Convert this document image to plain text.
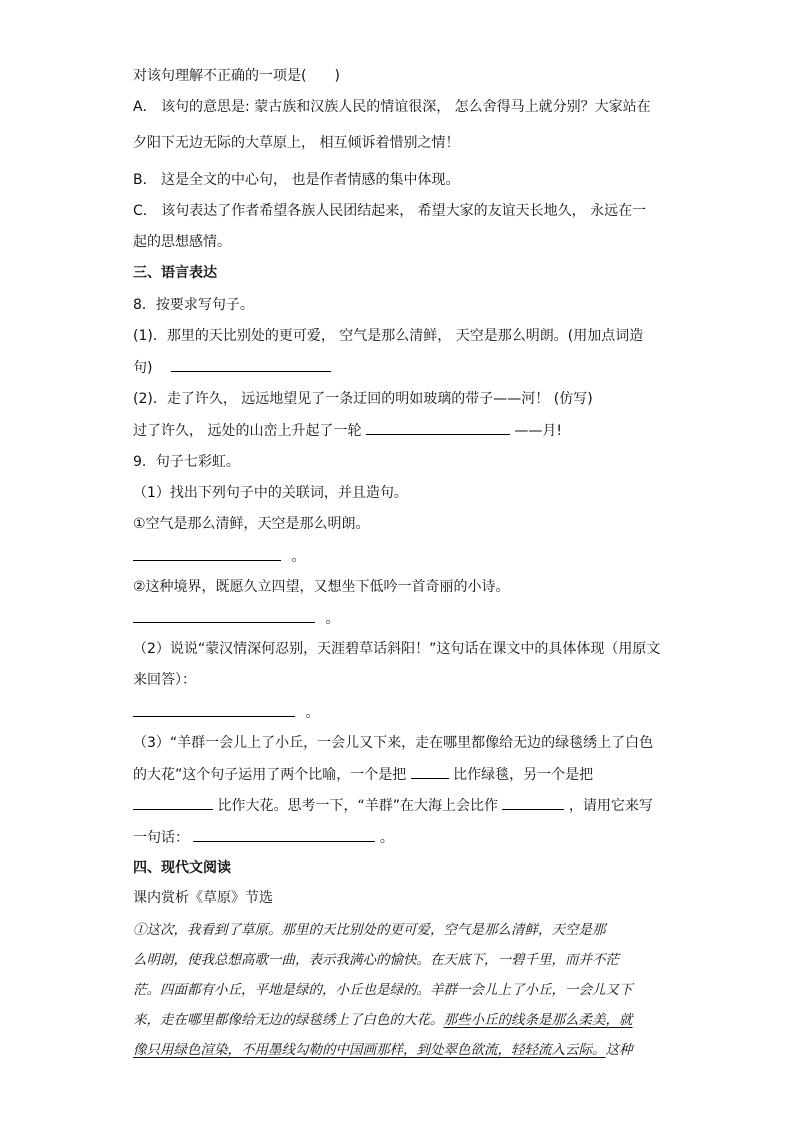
对该句理解不正确的一项是(　　)
A． 该句的意思是: 蒙古族和汉族人民的情谊很深， 怎么舍得马上就分别？大家站在
夕阳下无边无际的大草原上， 相互倾诉着惜别之情！
B． 这是全文的中心句， 也是作者情感的集中体现。
C． 该句表达了作者希望各族人民团结起来， 希望大家的友谊天长地久， 永远在一
起的思想感情。
三、语言表达
8．按要求写句子。
(1)．那里的天比别处的更可爱， 空气是那么清鲜， 天空是那么明朗。(用加点词造
句)
(2)．走了许久， 远远地望见了一条迂回的明如玻璃的带子——河！ (仿写)
过了许久， 远处的山峦上升起了一轮	——月!
9．句子七彩虹。
（1）找出下列句子中的关联词，并且造句。
①空气是那么清鲜，天空是那么明朗。
。
②这种境界，既愿久立四望，又想坐下低吟一首奇丽的小诗。
。
（2）说说“蒙汉情深何忍别，天涯碧草话斜阳！”这句话在课文中的具体体现（用原文
来回答）：
。
（3）“羊群一会儿上了小丘，一会儿又下来，走在哪里都像给无边的绿毯绣上了白色
的大花”这个句子运用了两个比喻，一个是把	比作绿毯，另一个是把
比作大花。思考一下，“羊群”在大海上会比作	，请用它来写
一句话：	。
四、现代文阅读
课内赏析《草原》节选
①这次，我看到了草原。那里的天比别处的更可爱，空气是那么清鲜，天空是那
么明朗，使我总想高歌一曲，表示我满心的愉快。在天底下，一碧千里，而并不茫
茫。四面都有小丘，平地是绿的，小丘也是绿的。羊群一会儿上了小丘，一会儿又下
来，走在哪里都像给无边的绿毯绣上了白色的大花。那些小丘的线条是那么柔美，就
像只用绿色渲染，不用墨线勾勒的中国画那样，到处翠色欲流，轻轻流入云际。这种
